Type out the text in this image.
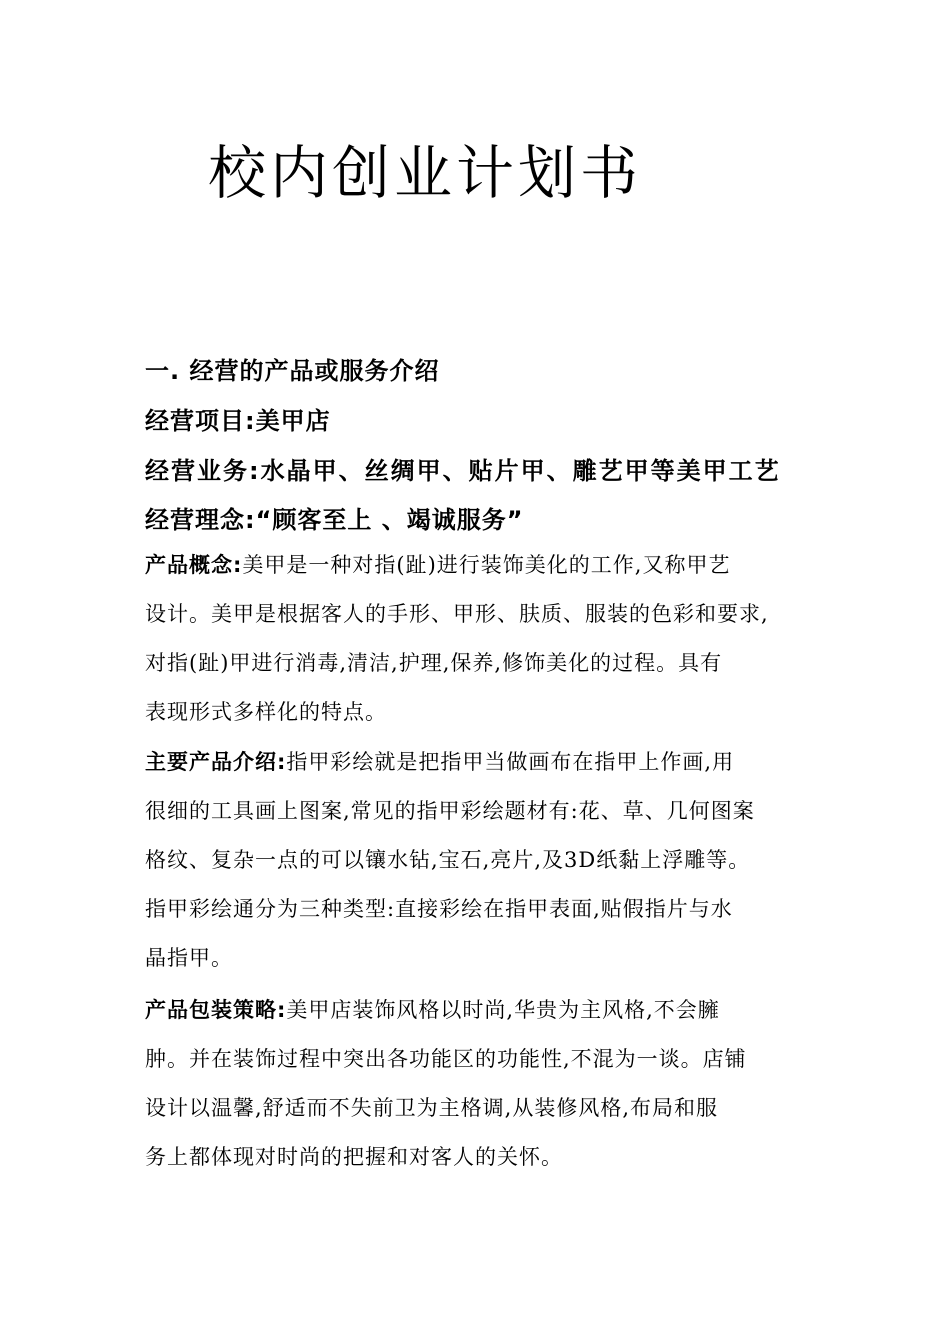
校内创业计划书
一. 经营的产品或服务介绍
经营项目:美甲店
经营业务:水晶甲、丝绸甲、贴片甲、雕艺甲等美甲工艺
经营理念:“顾客至上 、竭诚服务”
产品概念:美甲是一种对指(趾)进行装饰美化的工作,又称甲艺
设计。美甲是根据客人的手形、甲形、肤质、服装的色彩和要求,
对指(趾)甲进行消毒,清洁,护理,保养,修饰美化的过程。具有
表现形式多样化的特点。
主要产品介绍:指甲彩绘就是把指甲当做画布在指甲上作画,用
很细的工具画上图案,常见的指甲彩绘题材有:花、草、几何图案
格纹、复杂一点的可以镶水钻,宝石,亮片,及3D纸黏上浮雕等。
指甲彩绘通分为三种类型:直接彩绘在指甲表面,贴假指片与水
晶指甲。
产品包装策略:美甲店装饰风格以时尚,华贵为主风格,不会臃
肿。并在装饰过程中突出各功能区的功能性,不混为一谈。店铺
设计以温馨,舒适而不失前卫为主格调,从装修风格,布局和服
务上都体现对时尚的把握和对客人的关怀。
